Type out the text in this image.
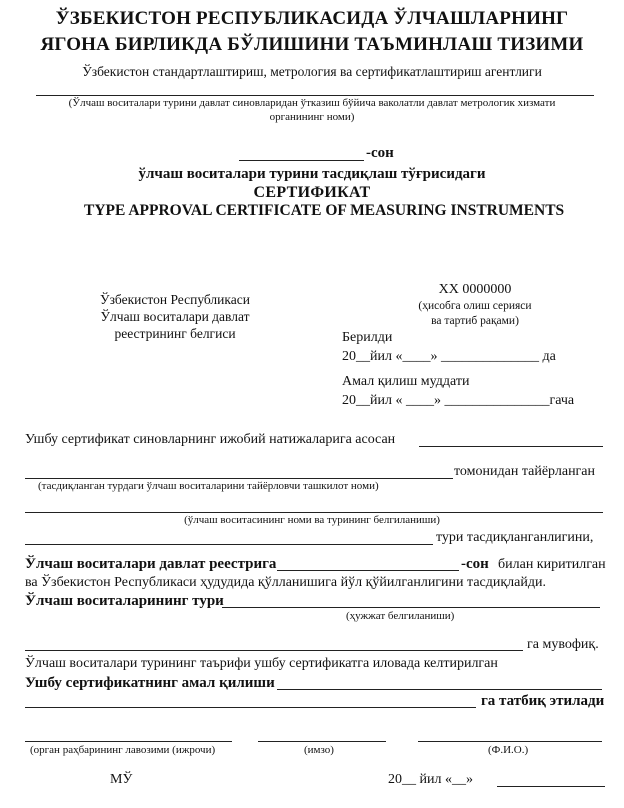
ЎЗБЕКИСТОН РЕСПУБЛИКАСИДА ЎЛЧАШЛАРНИНГ
ЯГОНА БИРЛИКДА БЎЛИШИНИ ТАЪМИНЛАШ ТИЗИМИ
Ўзбекистон стандартлаштириш, метрология ва сертификатлаштириш агентлиги
(Ўлчаш воситалари турини давлат синовларидан ўтказиш бўйича ваколатли давлат метрологик хизмати
органининг номи)
-сон
ўлчаш воситалари турини тасдиқлаш тўғрисидаги
СЕРТИФИКАТ
TYPE APPROVAL CERTIFICATE OF MEASURING INSTRUMENTS
Ўзбекистон Республикаси
Ўлчаш воситалари давлат
реестрининг белгиси
XX 0000000
(ҳисобга олиш серияси
ва тартиб рақами)
Берилди
20__йил «____» ______________ да
Амал қилиш муддати
20__йил « ____» _______________гача
Ушбу сертификат синовларнинг ижобий натижаларига асосан
томонидан тайёрланган
(тасдиқланган турдаги ўлчаш воситаларини тайёрловчи ташкилот номи)
(ўлчаш воситасининг номи ва турининг белгиланиши)
тури тасдиқланганлигини,
Ўлчаш воситалари давлат реестрига	-сон билан киритилган
ва Ўзбекистон Республикаси ҳудудида қўлланишига йўл қўйилганлигини тасдиқлайди.
Ўлчаш воситаларининг тури
(ҳужжат белгиланиши)
га мувофиқ.
Ўлчаш воситалари турининг таърифи ушбу сертификатга иловада келтирилган
Ушбу сертификатнинг амал қилиши
га татбиқ этилади
(орган раҳбарининг лавозими (ижрочи)	(имзо)	(Ф.И.О.)
МЎ	20__ йил «__»
